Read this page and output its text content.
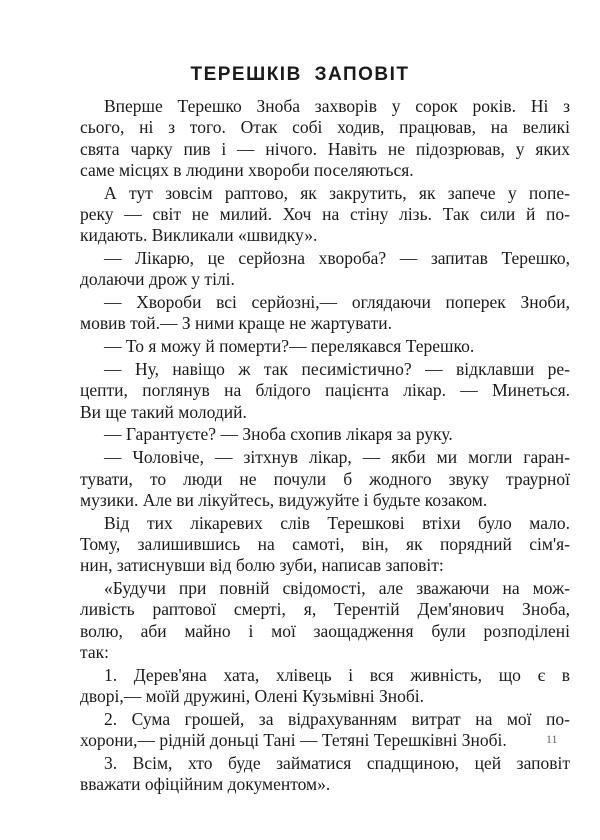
ТЕРЕШКІВ ЗАПОВІТ
Вперше Терешко Зноба захворів у сорок років. Ні з
сього, ні з того. Отак собі ходив, працював, на великі
свята чарку пив і — нічого. Навіть не підозрював, у яких
саме місцях в людини хвороби поселяються.
А тут зовсім раптово, як закрутить, як запече у попе-
реку — світ не милий. Хоч на стіну лізь. Так сили й по-
кидають. Викликали «швидку».
— Лікарю, це серйозна хвороба? — запитав Терешко,
долаючи дрож у тілі.
— Хвороби всі серйозні,— оглядаючи поперек Зноби,
мовив той.— З ними краще не жартувати.
— То я можу й померти?— перелякався Терешко.
— Ну, навіщо ж так песимістично? — відклавши ре-
цепти, поглянув на блідого пацієнта лікар. — Минеться.
Ви ще такий молодий.
— Гарантуєте? — Зноба схопив лікаря за руку.
— Чоловіче, — зітхнув лікар, — якби ми могли гаран-
тувати, то люди не почули б жодного звуку траурної
музики. Але ви лікуйтесь, видужуйте і будьте козаком.
Від тих лікаревих слів Терешкові втіхи було мало.
Тому, залишившись на самоті, він, як порядний сім'я-
нин, затиснувши від болю зуби, написав заповіт:
«Будучи при повній свідомості, але зважаючи на мож-
ливість раптової смерті, я, Терентій Дем'янович Зноба,
волю, аби майно і мої заощадження були розподілені
так:
1. Дерев'яна хата, хлівець і вся живність, що є в
дворі,— моїй дружині, Олені Кузьмівні Знобі.
2. Сума грошей, за відрахуванням витрат на мої по-
хорони,— рідній доньці Тані — Тетяні Терешківні Знобі.
3. Всім, хто буде займатися спадщиною, цей заповіт
вважати офіційним документом».
11
